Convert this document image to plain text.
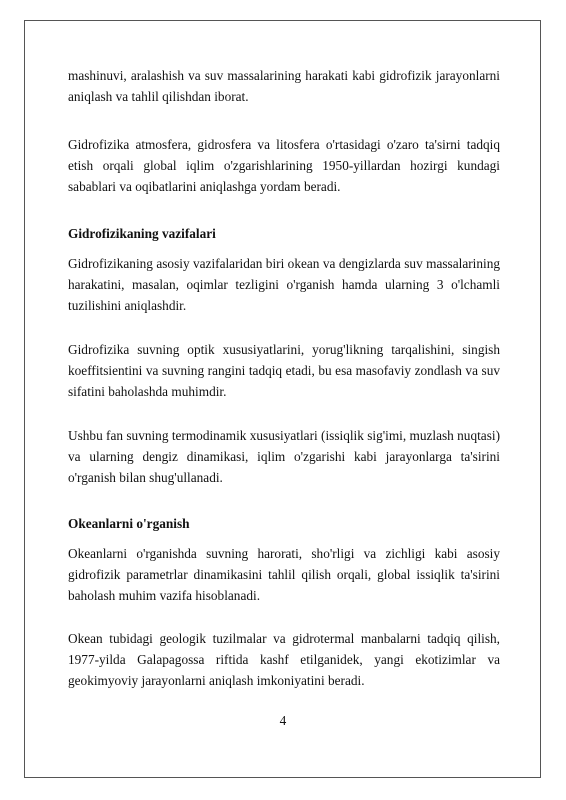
mashinuvi, aralashish va suv massalarining harakati kabi gidrofizik jarayonlarni aniqlash va tahlil qilishdan iborat.

Gidrofizika atmosfera, gidrosfera va litosfera o'rtasidagi o'zaro ta'sirni tadqiq etish orqali global iqlim o'zgarishlarining 1950-yillardan hozirgi kundagi sabablari va oqibatlarini aniqlashga yordam beradi.

Gidrofizikaning vazifalari

Gidrofizikaning asosiy vazifalaridan biri okean va dengizlarda suv massalarining harakatini, masalan, oqimlar tezligini o'rganish hamda ularning 3 o'lchamli tuzilishini aniqlashdir.

Gidrofizika suvning optik xususiyatlarini, yorug'likning tarqalishini, singish koeffitsientini va suvning rangini tadqiq etadi, bu esa masofaviy zondlash va suv sifatini baholashda muhimdir.

Ushbu fan suvning termodinamik xususiyatlari (issiqlik sig'imi, muzlash nuqtasi) va ularning dengiz dinamikasi, iqlim o'zgarishi kabi jarayonlarga ta'sirini o'rganish bilan shug'ullanadi.

Okeanlarni o'rganish

Okeanlarni o'rganishda suvning harorati, sho'rligi va zichligi kabi asosiy gidrofizik parametrlar dinamikasini tahlil qilish orqali, global issiqlik ta'sirini baholash muhim vazifa hisoblanadi.

Okean tubidagi geologik tuzilmalar va gidrotermal manbalarni tadqiq qilish, 1977-yilda Galapagossa riftida kashf etilganidek, yangi ekotizimlar va geokimyoviy jarayonlarni aniqlash imkoniyatini beradi.

4
